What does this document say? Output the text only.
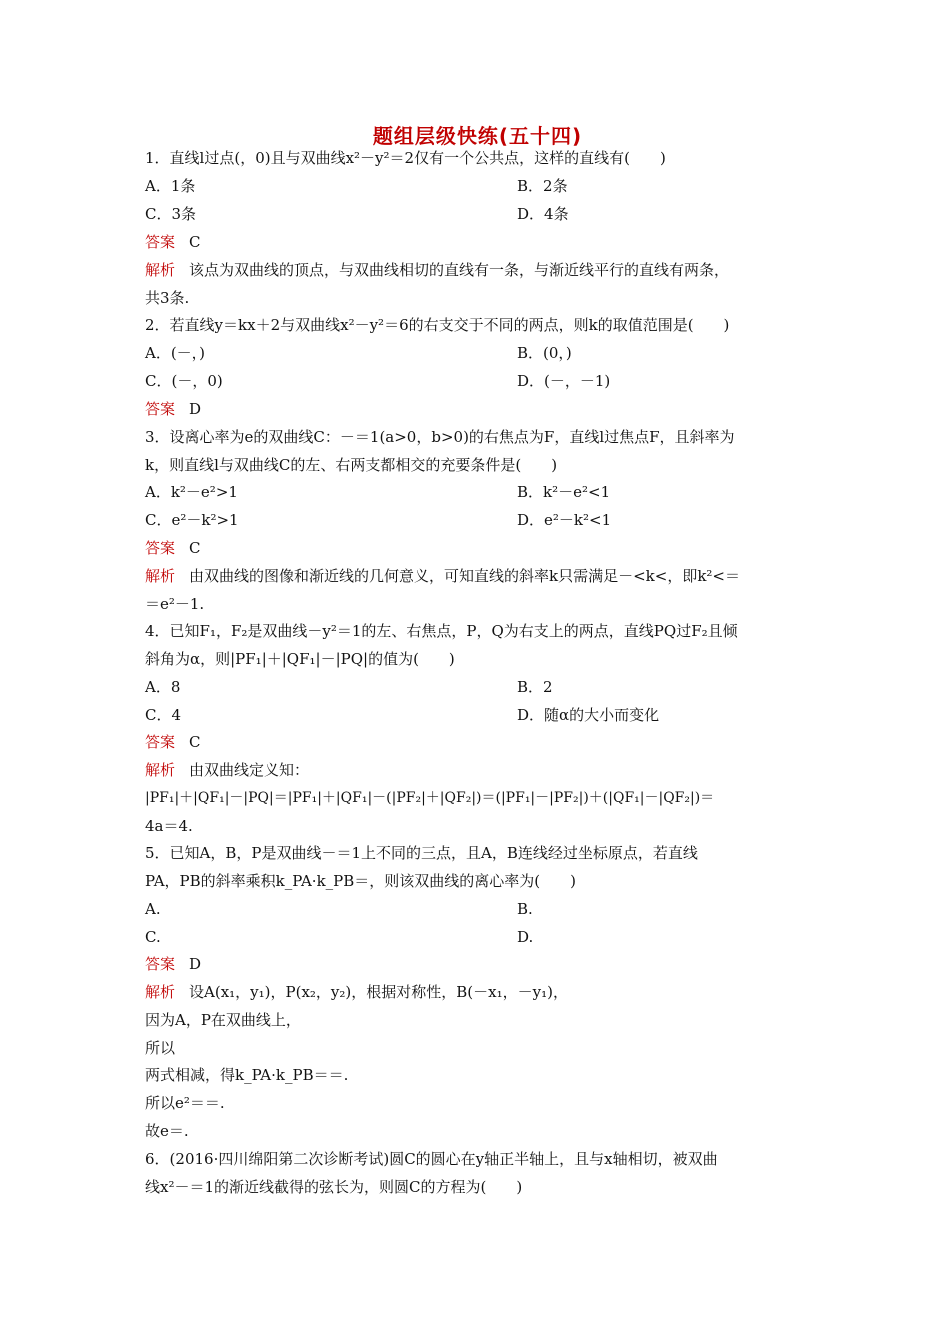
题组层级快练(五十四)
1．直线l过点(，0)且与双曲线x²－y²＝2仅有一个公共点，这样的直线有(　　)
A．1条	B．2条
C．3条	D．4条
答案 C
解析 该点为双曲线的顶点，与双曲线相切的直线有一条，与渐近线平行的直线有两条，
共3条.
2．若直线y＝kx＋2与双曲线x²－y²＝6的右支交于不同的两点，则k的取值范围是(　　)
A．(－，)	B．(0，)
C．(－，0)	D．(－，－1)
答案 D
3．设离心率为e的双曲线C：－＝1(a>0，b>0)的右焦点为F，直线l过焦点F，且斜率为
k，则直线l与双曲线C的左、右两支都相交的充要条件是(　　)
A．k²－e²>1	B．k²－e²<1
C．e²－k²>1	D．e²－k²<1
答案 C
解析 由双曲线的图像和渐近线的几何意义，可知直线的斜率k只需满足－<k<，即k²<＝
＝e²－1.
4．已知F₁，F₂是双曲线－y²＝1的左、右焦点，P，Q为右支上的两点，直线PQ过F₂且倾
斜角为α，则|PF₁|＋|QF₁|－|PQ|的值为(　　)
A．8	B．2
C．4	D．随α的大小而变化
答案 C
解析 由双曲线定义知：
|PF₁|＋|QF₁|－|PQ|＝|PF₁|＋|QF₁|－(|PF₂|＋|QF₂|)＝(|PF₁|－|PF₂|)＋(|QF₁|－|QF₂|)＝
4a＝4.
5．已知A，B，P是双曲线－＝1上不同的三点，且A，B连线经过坐标原点，若直线
PA，PB的斜率乘积k_PA·k_PB＝，则该双曲线的离心率为(　　)
A.	B.
C.	D.
答案 D
解析 设A(x₁，y₁)，P(x₂，y₂)，根据对称性，B(－x₁，－y₁)，
因为A，P在双曲线上，
所以
两式相减，得k_PA·k_PB＝＝.
所以e²＝＝.
故e＝.
6．(2016·四川绵阳第二次诊断考试)圆C的圆心在y轴正半轴上，且与x轴相切，被双曲
线x²－＝1的渐近线截得的弦长为，则圆C的方程为(　　)
